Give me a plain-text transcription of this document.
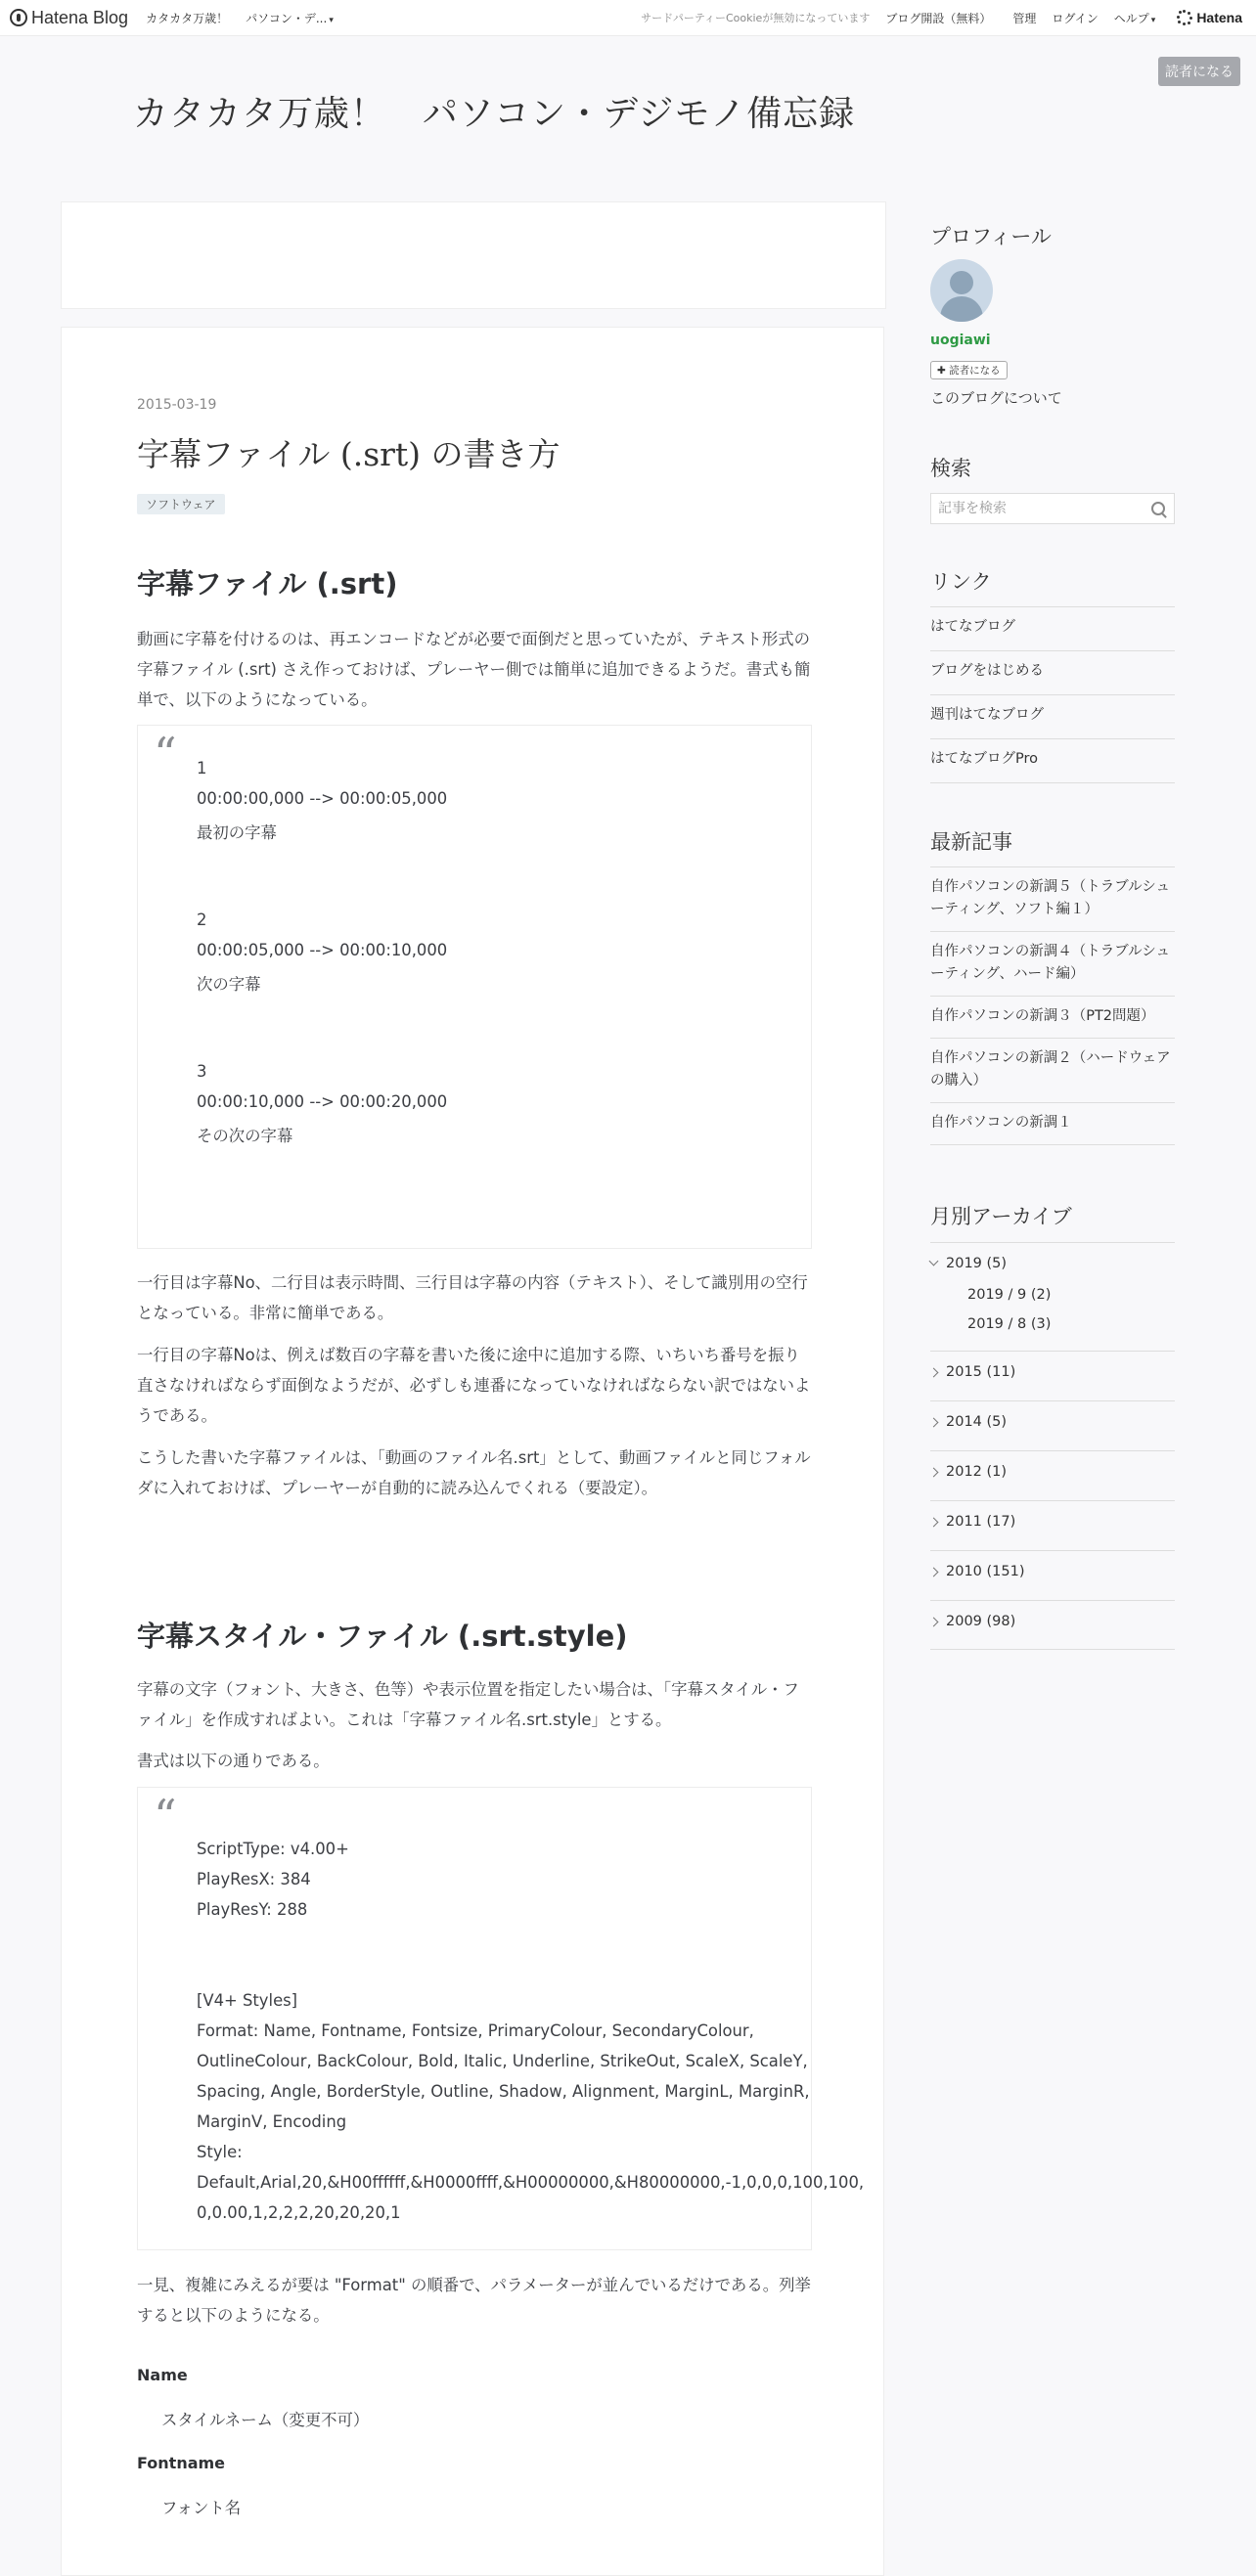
Hatena Blog カタカタ万歳！ パソコン・デ... ▾	サードパーティーCookieが無効になっています ブログ開設（無料） 管理 ログイン ヘルプ ▾	Hatena
読者になる
カタカタ万歳！　パソコン・デジモノ備忘録
2015-03-19
字幕ファイル (.srt) の書き方
ソフトウェア
字幕ファイル (.srt)

動画に字幕を付けるのは、再エンコードなどが必要で面倒だと思っていたが、テキスト形式の字幕ファイル (.srt) さえ作っておけば、プレーヤー側では簡単に追加できるようだ。書式も簡単で、以下のようになっている。

“ 1
00:00:00,000 --> 00:00:05,000
最初の字幕
2
00:00:05,000 --> 00:00:10,000
次の字幕
3
00:00:10,000 --> 00:00:20,000
その次の字幕

一行目は字幕No、二行目は表示時間、三行目は字幕の内容（テキスト）、そして識別用の空行となっている。非常に簡単である。

一行目の字幕Noは、例えば数百の字幕を書いた後に途中に追加する際、いちいち番号を振り直さなければならず面倒なようだが、必ずしも連番になっていなければならない訳ではないようである。

こうした書いた字幕ファイルは、「動画のファイル名.srt」として、動画ファイルと同じフォルダに入れておけば、プレーヤーが自動的に読み込んでくれる（要設定）。

字幕スタイル・ファイル (.srt.style)

字幕の文字（フォント、大きさ、色等）や表示位置を指定したい場合は、「字幕スタイル・ファイル」を作成すればよい。これは「字幕ファイル名.srt.style」とする。

書式は以下の通りである。

“
ScriptType: v4.00+
PlayResX: 384
PlayResY: 288
[V4+ Styles]
Format: Name, Fontname, Fontsize, PrimaryColour, SecondaryColour,
OutlineColour, BackColour, Bold, Italic, Underline, StrikeOut, ScaleX, ScaleY,
Spacing, Angle, BorderStyle, Outline, Shadow, Alignment, MarginL, MarginR,
MarginV, Encoding
Style:
Default,Arial,20,&H00ffffff,&H0000ffff,&H00000000,&H80000000,-1,0,0,0,100,100,
0,0.00,1,2,2,2,20,20,20,1

一見、複雑にみえるが要は "Format" の順番で、パラメーターが並んでいるだけである。列挙すると以下のようになる。

Name
スタイルネーム（変更不可）
Fontname
フォント名
プロフィール
uogiawi
✚ 読者になる
このブログについて
検索
記事を検索
リンク
はてなブログ
ブログをはじめる
週刊はてなブログ
はてなブログPro
最新記事
自作パソコンの新調５（トラブルシューティング、ソフト編１）
自作パソコンの新調４（トラブルシューティング、ハード編）
自作パソコンの新調３（PT2問題）
自作パソコンの新調２（ハードウェアの購入）
自作パソコンの新調１
月別アーカイブ
2019 (5)
2019 / 9 (2)
2019 / 8 (3)
2015 (11)
2014 (5)
2012 (1)
2011 (17)
2010 (151)
2009 (98)
